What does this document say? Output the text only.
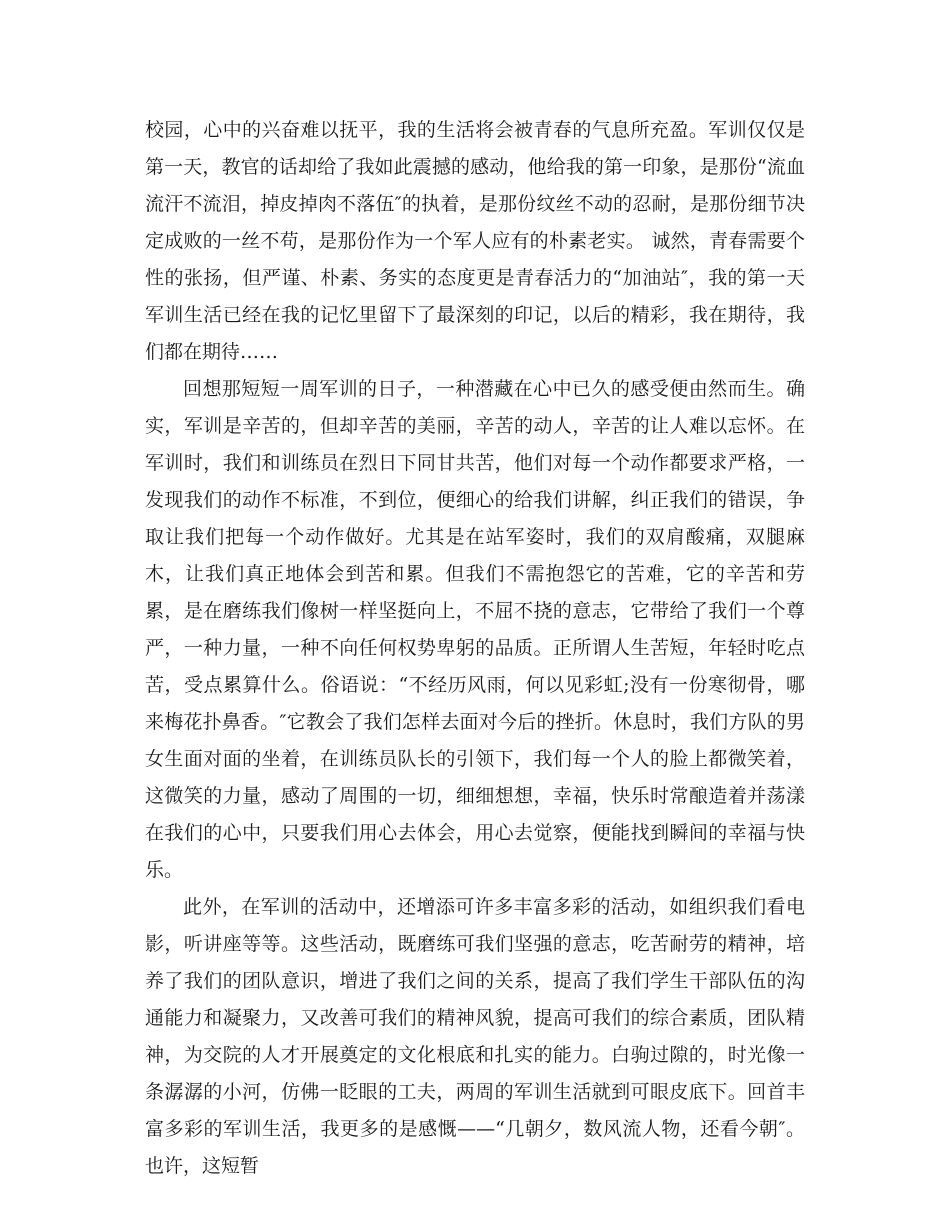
校园，心中的兴奋难以抚平，我的生活将会被青春的气息所充盈。军训仅仅是第一天，教官的话却给了我如此震撼的感动，他给我的第一印象，是那份“流血流汗不流泪，掉皮掉肉不落伍″的执着，是那份纹丝不动的忍耐，是那份细节决定成败的一丝不苟，是那份作为一个军人应有的朴素老实。 诚然，青春需要个性的张扬，但严谨、朴素、务实的态度更是青春活力的“加油站″，我的第一天军训生活已经在我的记忆里留下了最深刻的印记，以后的精彩，我在期待，我们都在期待……

回想那短短一周军训的日子，一种潜藏在心中已久的感受便由然而生。确实，军训是辛苦的，但却辛苦的美丽，辛苦的动人，辛苦的让人难以忘怀。在军训时，我们和训练员在烈日下同甘共苦，他们对每一个动作都要求严格，一发现我们的动作不标准，不到位，便细心的给我们讲解，纠正我们的错误，争取让我们把每一个动作做好。尤其是在站军姿时，我们的双肩酸痛，双腿麻木，让我们真正地体会到苦和累。但我们不需抱怨它的苦难，它的辛苦和劳累，是在磨练我们像树一样坚挺向上，不屈不挠的意志，它带给了我们一个尊严，一种力量，一种不向任何权势卑躬的品质。正所谓人生苦短，年轻时吃点苦，受点累算什么。俗语说：“不经历风雨，何以见彩虹;没有一份寒彻骨，哪来梅花扑鼻香。″它教会了我们怎样去面对今后的挫折。休息时，我们方队的男女生面对面的坐着，在训练员队长的引领下，我们每一个人的脸上都微笑着，这微笑的力量，感动了周围的一切，细细想想，幸福，快乐时常酿造着并荡漾在我们的心中，只要我们用心去体会，用心去觉察，便能找到瞬间的幸福与快乐。

此外，在军训的活动中，还增添可许多丰富多彩的活动，如组织我们看电影，听讲座等等。这些活动，既磨练可我们坚强的意志，吃苦耐劳的精神，培养了我们的团队意识，增进了我们之间的关系，提高了我们学生干部队伍的沟通能力和凝聚力，又改善可我们的精神风貌，提高可我们的综合素质，团队精神，为交院的人才开展奠定的文化根底和扎实的能力。白驹过隙的，时光像一条潺潺的小河，仿佛一眨眼的工夫，两周的军训生活就到可眼皮底下。回首丰富多彩的军训生活，我更多的是感慨——“几朝夕，数风流人物，还看今朝″。也许，这短暂
